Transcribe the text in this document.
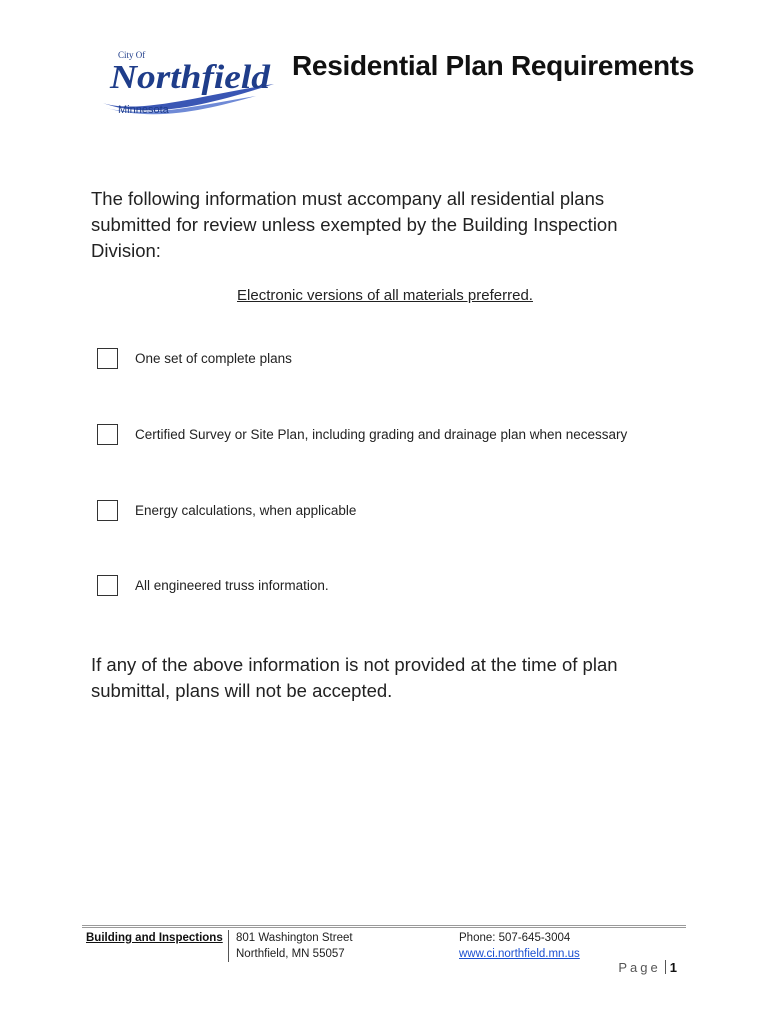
City Of
Northfield
Minnesota
Residential Plan Requirements

The following information must accompany all residential plans submitted for review unless exempted by the Building Inspection Division:

Electronic versions of all materials preferred.

One set of complete plans
Certified Survey or Site Plan, including grading and drainage plan when necessary
Energy calculations, when applicable
All engineered truss information.

If any of the above information is not provided at the time of plan submittal, plans will not be accepted.

Building and Inspections 801 Washington Street
Northfield, MN 55057
Phone: 507-645-3004
www.ci.northfield.mn.us
Page 1
